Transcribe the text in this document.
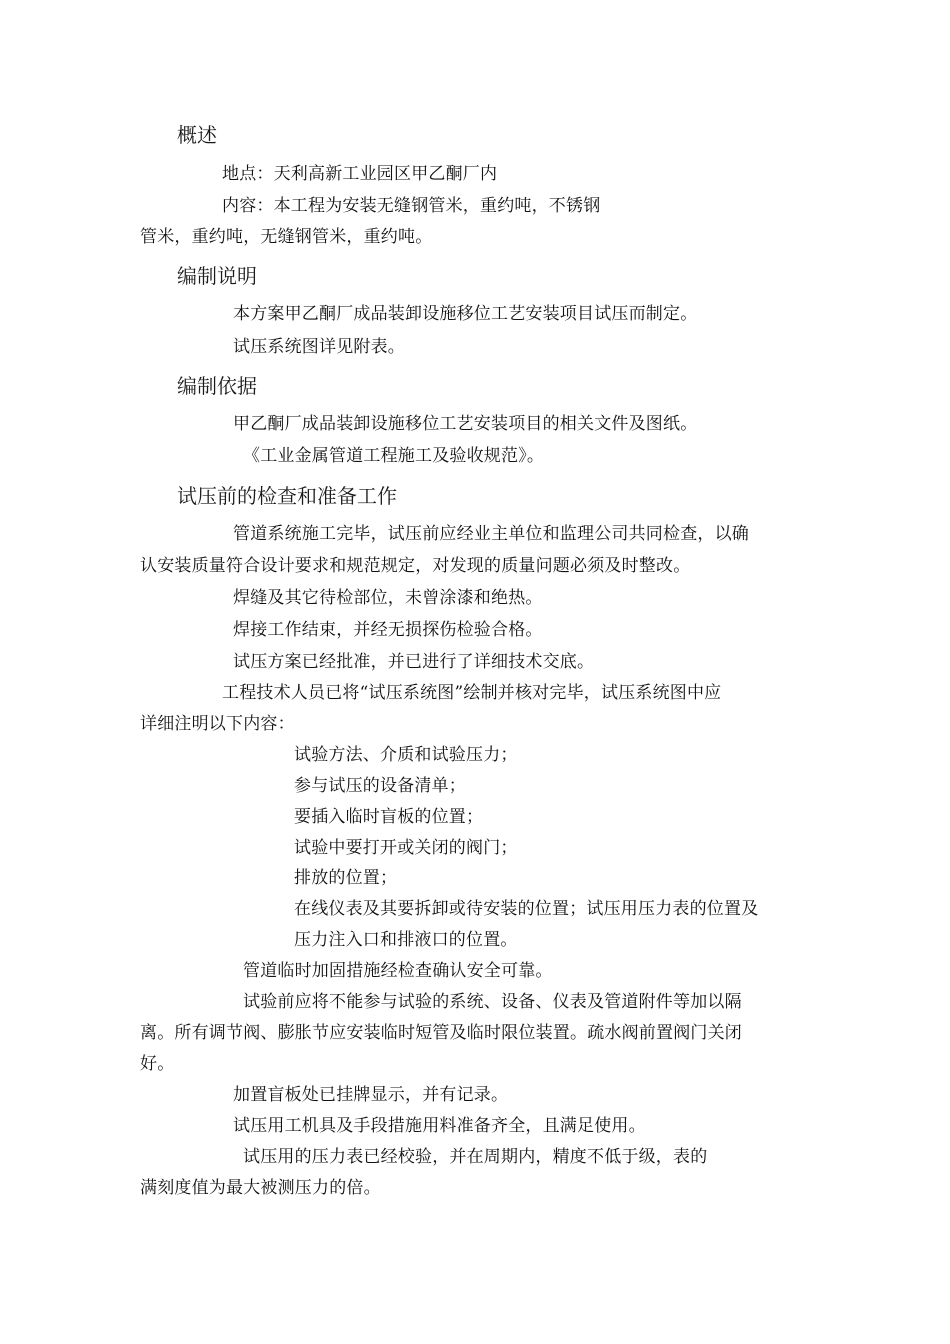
概述
地点：天利高新工业园区甲乙酮厂内
内容：本工程为安装无缝钢管米，重约吨，不锈钢
管米，重约吨，无缝钢管米，重约吨。
编制说明
本方案甲乙酮厂成品装卸设施移位工艺安装项目试压而制定。
试压系统图详见附表。
编制依据
甲乙酮厂成品装卸设施移位工艺安装项目的相关文件及图纸。
《工业金属管道工程施工及验收规范》。
试压前的检查和准备工作
管道系统施工完毕，试压前应经业主单位和监理公司共同检查，以确
认安装质量符合设计要求和规范规定，对发现的质量问题必须及时整改。
焊缝及其它待检部位，未曾涂漆和绝热。
焊接工作结束，并经无损探伤检验合格。
试压方案已经批准，并已进行了详细技术交底。
工程技术人员已将“试压系统图”绘制并核对完毕，试压系统图中应
详细注明以下内容：
试验方法、介质和试验压力；
参与试压的设备清单；
要插入临时盲板的位置；
试验中要打开或关闭的阀门；
排放的位置；
在线仪表及其要拆卸或待安装的位置；试压用压力表的位置及
压力注入口和排液口的位置。
管道临时加固措施经检查确认安全可靠。
试验前应将不能参与试验的系统、设备、仪表及管道附件等加以隔
离。所有调节阀、膨胀节应安装临时短管及临时限位装置。疏水阀前置阀门关闭
好。
加置盲板处已挂牌显示，并有记录。
试压用工机具及手段措施用料准备齐全，且满足使用。
试压用的压力表已经校验，并在周期内，精度不低于级，表的
满刻度值为最大被测压力的倍。
